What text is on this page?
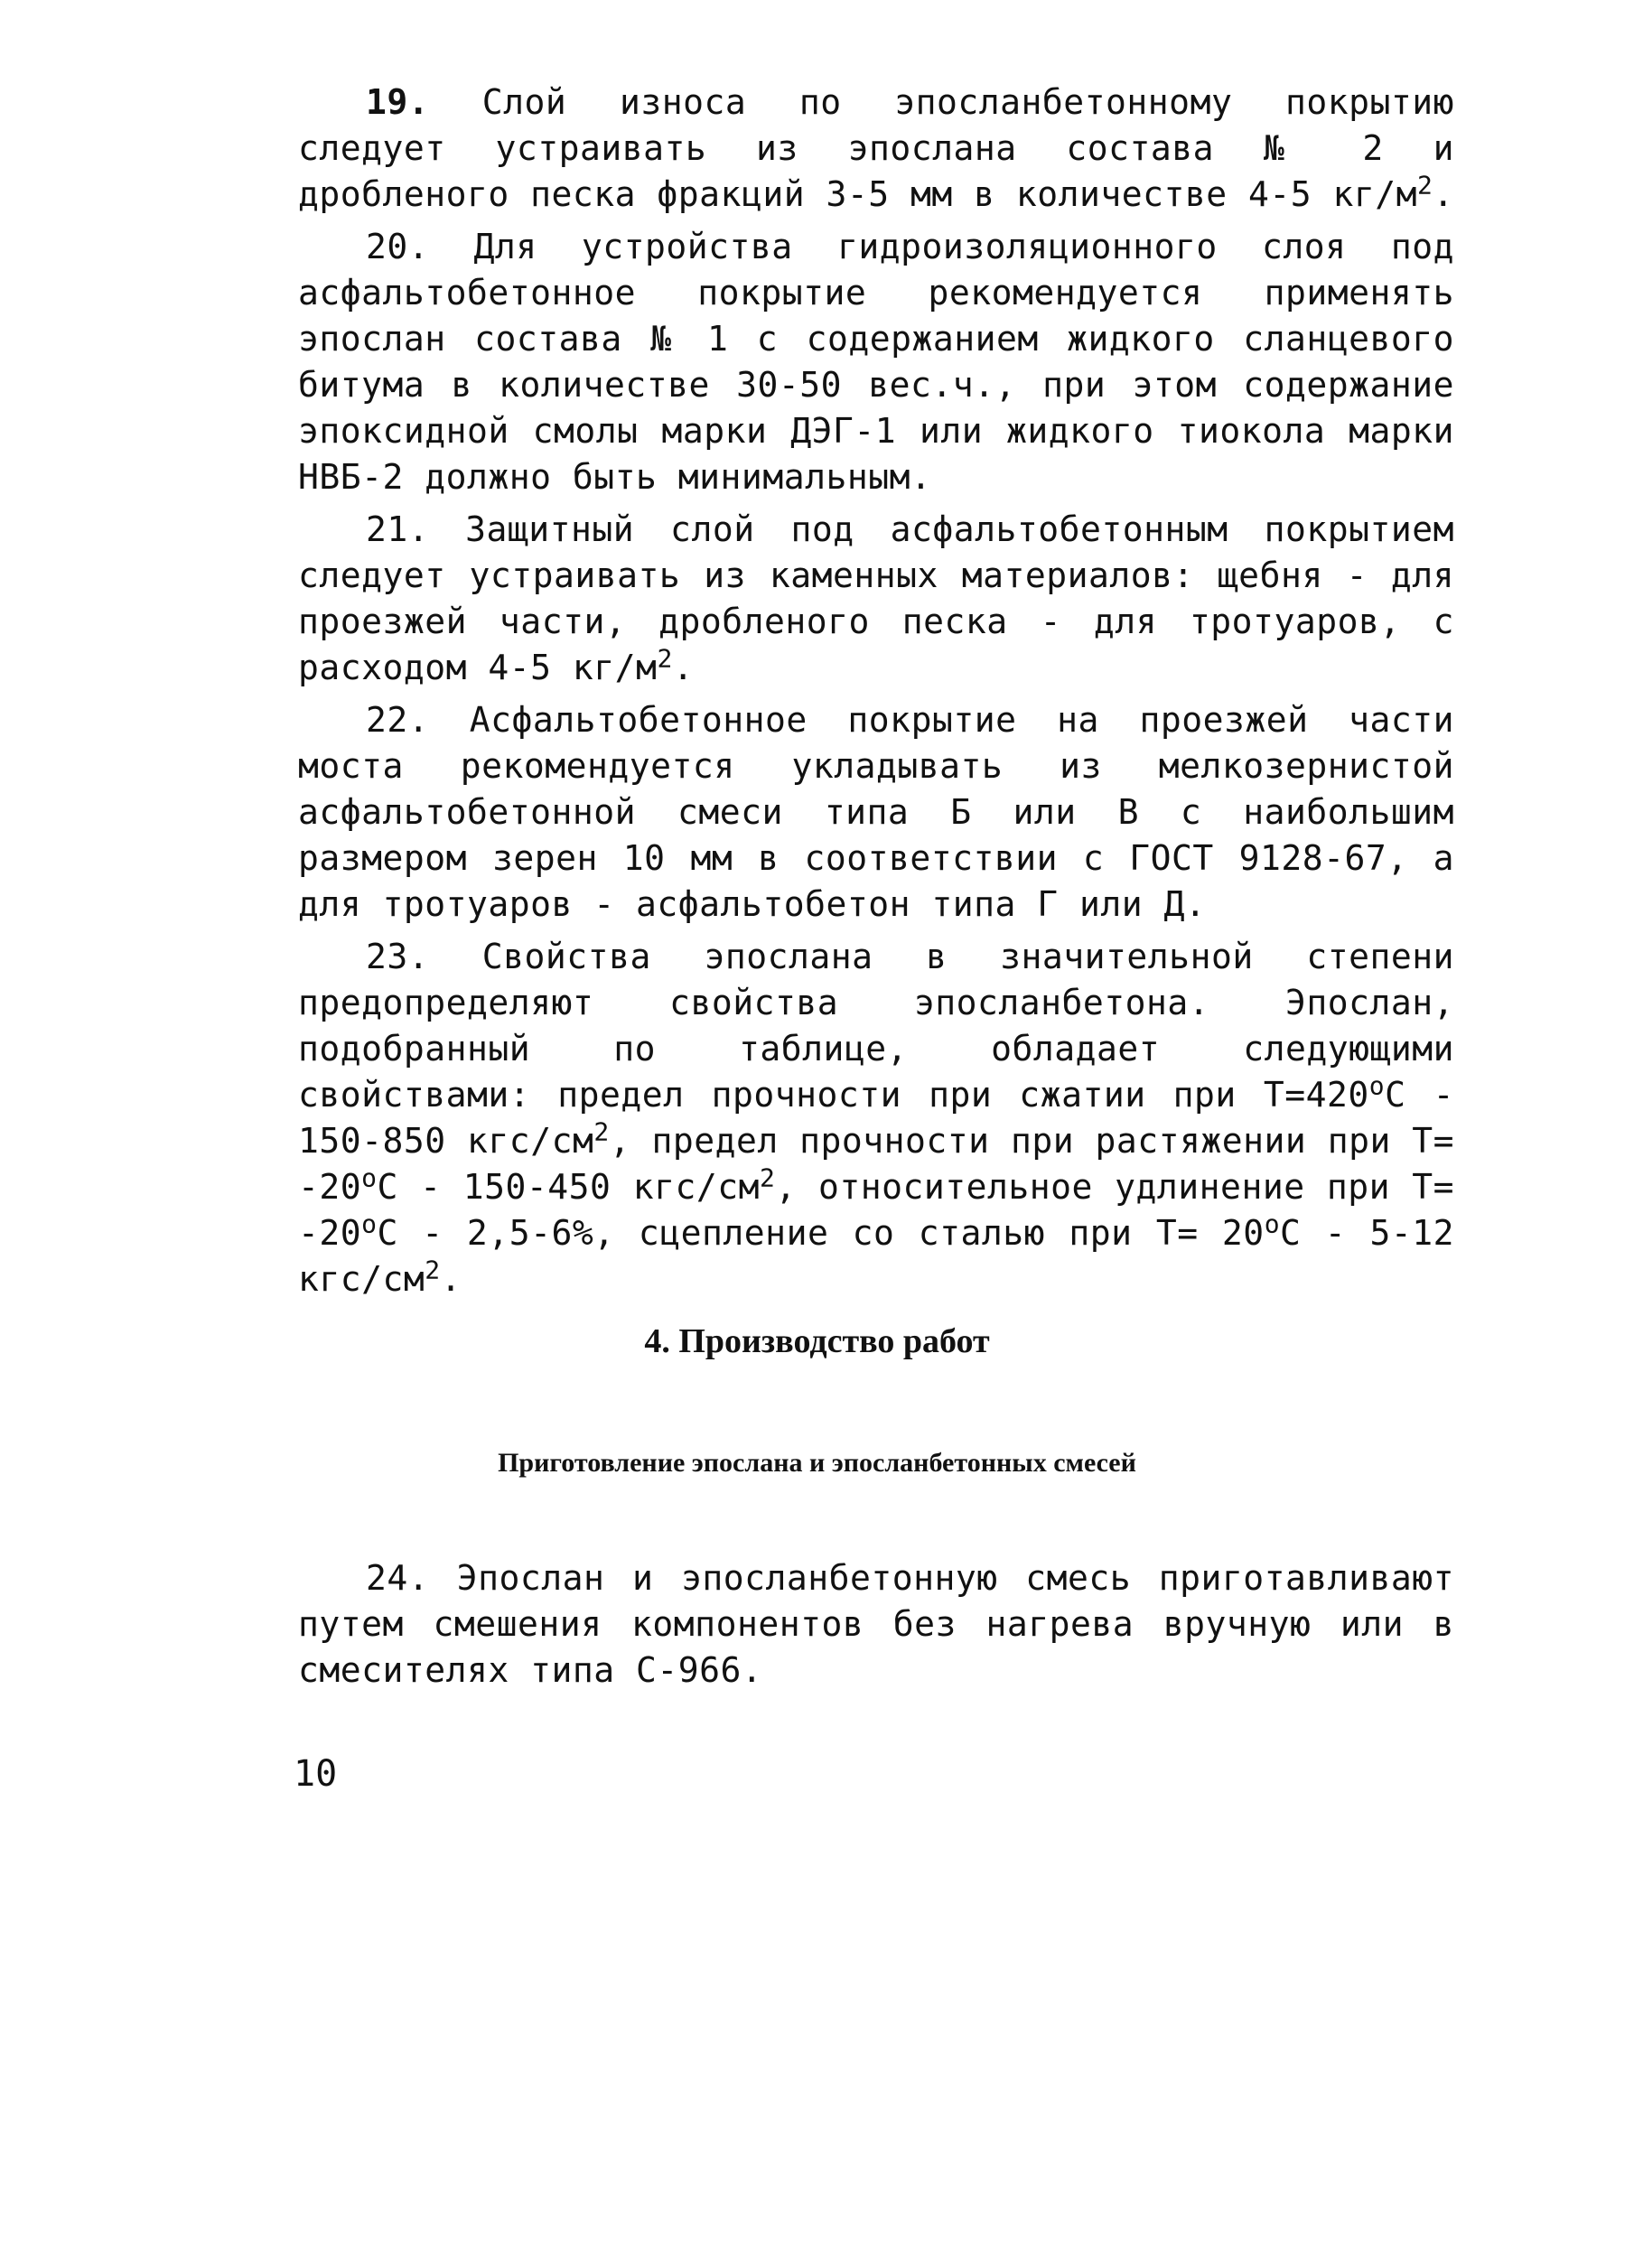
19. Слой износа по эпосланбетонному покрытию следует устраивать из эпослана состава № 2 и дробленого песка фракций 3-5 мм в количестве 4-5 $кг/м^2$.

20. Для устройства гидроизоляционного слоя под асфальтобетонное покрытие рекомендуется применять эпослан состава № 1 с содержанием жидкого сланцевого битума в количестве 30-50 вес.ч., при этом содержание эпоксидной смолы марки ДЭГ-1 или жидкого тиокола марки НВБ-2 должно быть минимальным.

21. Защитный слой под асфальтобетонным покрытием следует устраивать из каменных материалов: щебня - для проезжей части, дробленого песка - для тротуаров, с расходом 4-5 $кг/м^2$.

22. Асфальтобетонное покрытие на проезжей части моста рекомендуется укладывать из мелкозернистой асфальтобетонной смеси типа Б или В с наибольшим размером зерен 10 мм в соответствии с ГОСТ 9128-67, а для тротуаров - асфальтобетон типа Г или Д.

23. Свойства эпослана в значительной степени предопределяют свойства эпосланбетона. Эпослан, подобранный по таблице, обладает следующими свойствами: предел прочности при сжатии при $Т=420^оС - 150-850$ кгс/$см^2$, предел прочности при растяжении при $Т= -20^оС - 150-450$ кгс/$см^2$, относительное удлинение при $Т= -20^оС - 2,5-6\%$, сцепление со сталью при $Т= 20^оС - 5-12$ кгс/$см^2$.

4. Производство работ
Приготовление эпослана и эпосланбетонных смесей

24. Эпослан и эпосланбетонную смесь приготавливают путем смешения компонентов без нагрева вручную или в смесителях типа С-966.

10
